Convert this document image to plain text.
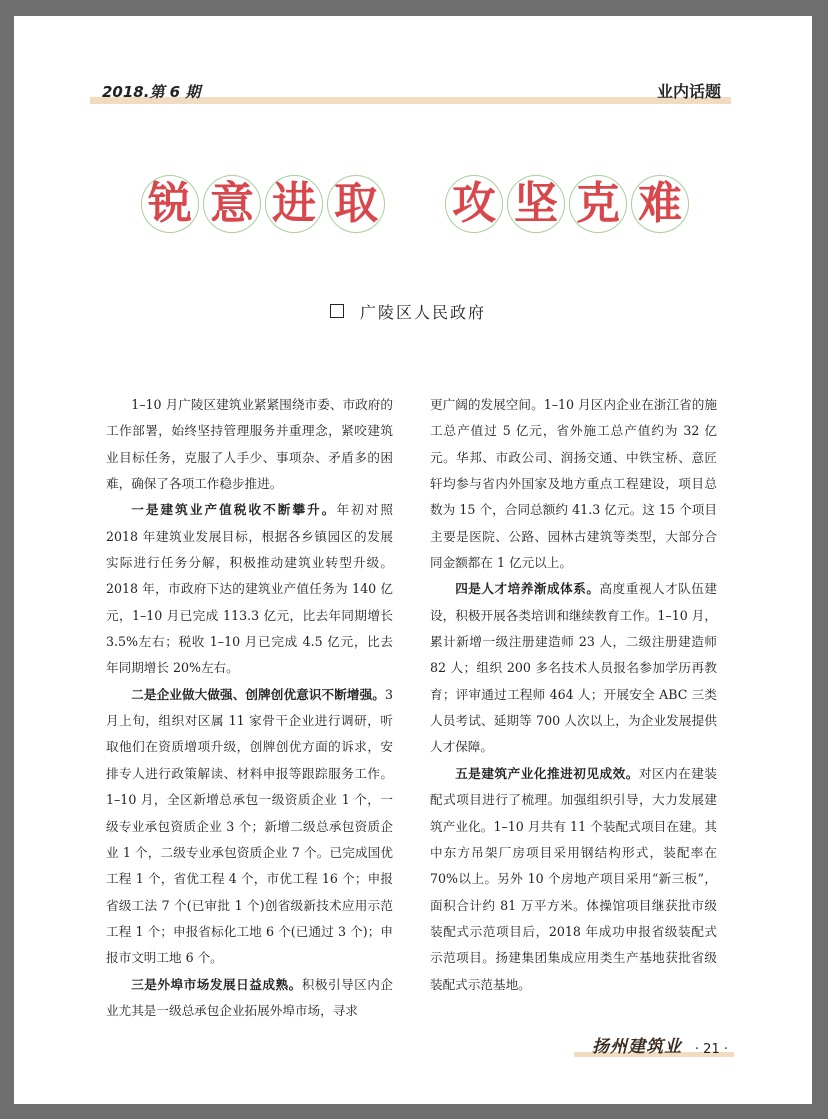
2018.第 6 期	业内话题
锐 意 进 取 攻 坚 克 难
广陵区人民政府

1–10 月广陵区建筑业紧紧围绕市委、市政府的工作部署，始终坚持管理服务并重理念，紧咬建筑业目标任务，克服了人手少、事项杂、矛盾多的困难，确保了各项工作稳步推进。

一是建筑业产值税收不断攀升。年初对照 2018 年建筑业发展目标，根据各乡镇园区的发展实际进行任务分解，积极推动建筑业转型升级。2018 年，市政府下达的建筑业产值任务为 140 亿元，1–10 月已完成 113.3 亿元，比去年同期增长 3.5%左右；税收 1–10 月已完成 4.5 亿元，比去年同期增长 20%左右。

二是企业做大做强、创牌创优意识不断增强。3 月上旬，组织对区属 11 家骨干企业进行调研，听取他们在资质增项升级，创牌创优方面的诉求，安排专人进行政策解读、材料申报等跟踪服务工作。1–10 月，全区新增总承包一级资质企业 1 个，一级专业承包资质企业 3 个；新增二级总承包资质企业 1 个，二级专业承包资质企业 7 个。已完成国优工程 1 个，省优工程 4 个，市优工程 16 个；申报省级工法 7 个(已审批 1 个)创省级新技术应用示范工程 1 个；申报省标化工地 6 个(已通过 3 个)；申报市文明工地 6 个。

三是外埠市场发展日益成熟。积极引导区内企业尤其是一级总承包企业拓展外埠市场，寻求

更广阔的发展空间。1–10 月区内企业在浙江省的施工总产值过 5 亿元，省外施工总产值约为 32 亿元。华邦、市政公司、润扬交通、中铁宝桥、意匠轩均参与省内外国家及地方重点工程建设，项目总数为 15 个，合同总额约 41.3 亿元。这 15 个项目主要是医院、公路、园林古建筑等类型，大部分合同金额都在 1 亿元以上。

四是人才培养渐成体系。高度重视人才队伍建设，积极开展各类培训和继续教育工作。1–10 月，累计新增一级注册建造师 23 人，二级注册建造师 82 人；组织 200 多名技术人员报名参加学历再教育；评审通过工程师 464 人；开展安全 ABC 三类人员考试、延期等 700 人次以上，为企业发展提供人才保障。

五是建筑产业化推进初见成效。对区内在建装配式项目进行了梳理。加强组织引导，大力发展建筑产业化。1–10 月共有 11 个装配式项目在建。其中东方吊架厂房项目采用钢结构形式，装配率在 70%以上。另外 10 个房地产项目采用“新三板”，面积合计约 81 万平方米。体操馆项目继获批市级装配式示范项目后，2018 年成功申报省级装配式示范项目。扬建集团集成应用类生产基地获批省级装配式示范基地。

扬州建筑业 · 21 ·
